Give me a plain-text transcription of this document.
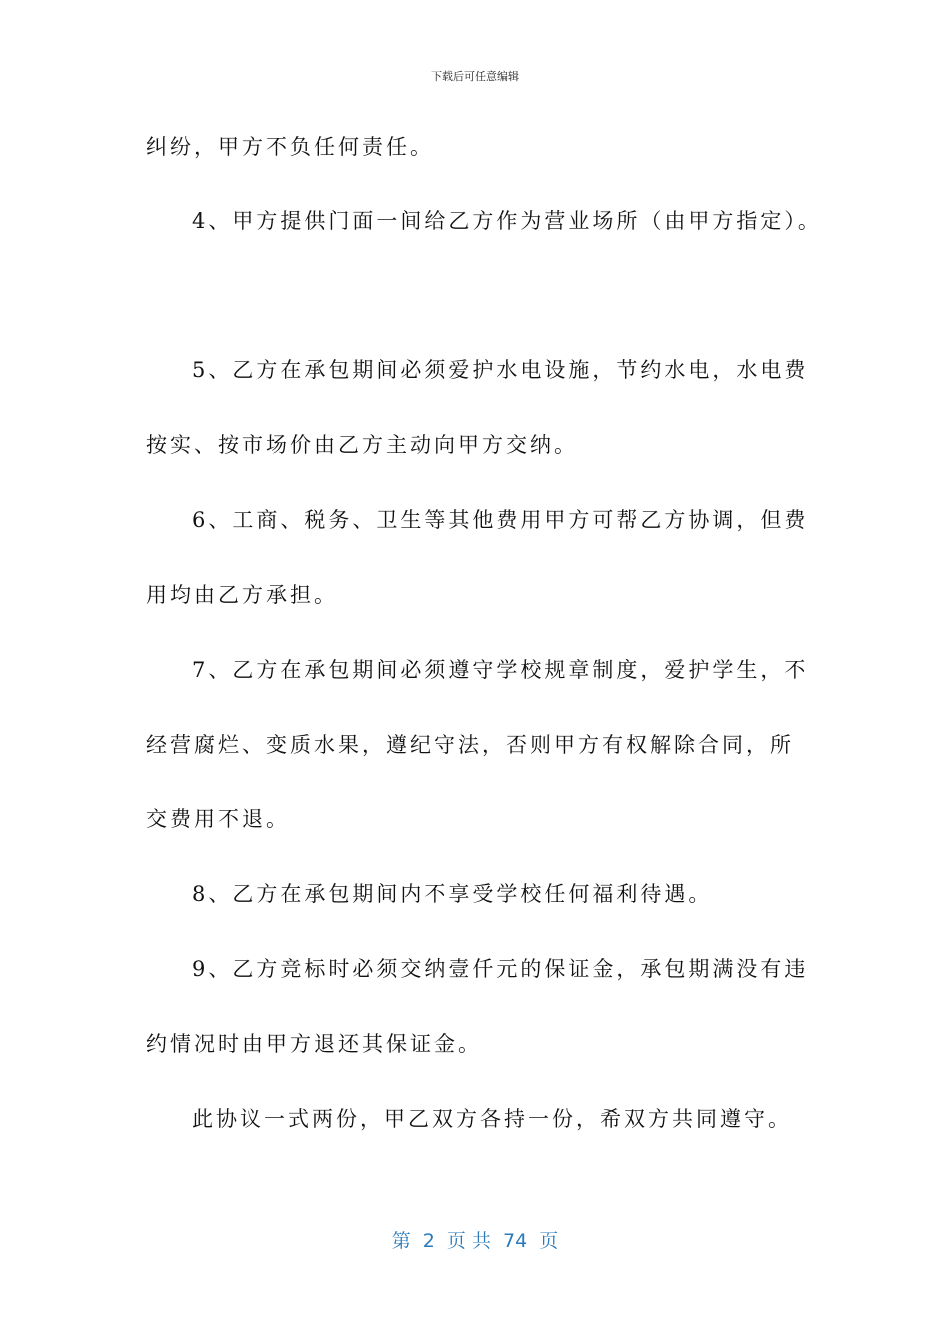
下载后可任意编辑
纠纷，甲方不负任何责任。
4、甲方提供门面一间给乙方作为营业场所（由甲方指定）。
5、乙方在承包期间必须爱护水电设施，节约水电，水电费
按实、按市场价由乙方主动向甲方交纳。
6、工商、税务、卫生等其他费用甲方可帮乙方协调，但费
用均由乙方承担。
7、乙方在承包期间必须遵守学校规章制度，爱护学生，不
经营腐烂、变质水果，遵纪守法，否则甲方有权解除合同，所
交费用不退。
8、乙方在承包期间内不享受学校任何福利待遇。
9、乙方竞标时必须交纳壹仟元的保证金，承包期满没有违
约情况时由甲方退还其保证金。
此协议一式两份，甲乙双方各持一份，希双方共同遵守。
第  2  页 共  74  页
